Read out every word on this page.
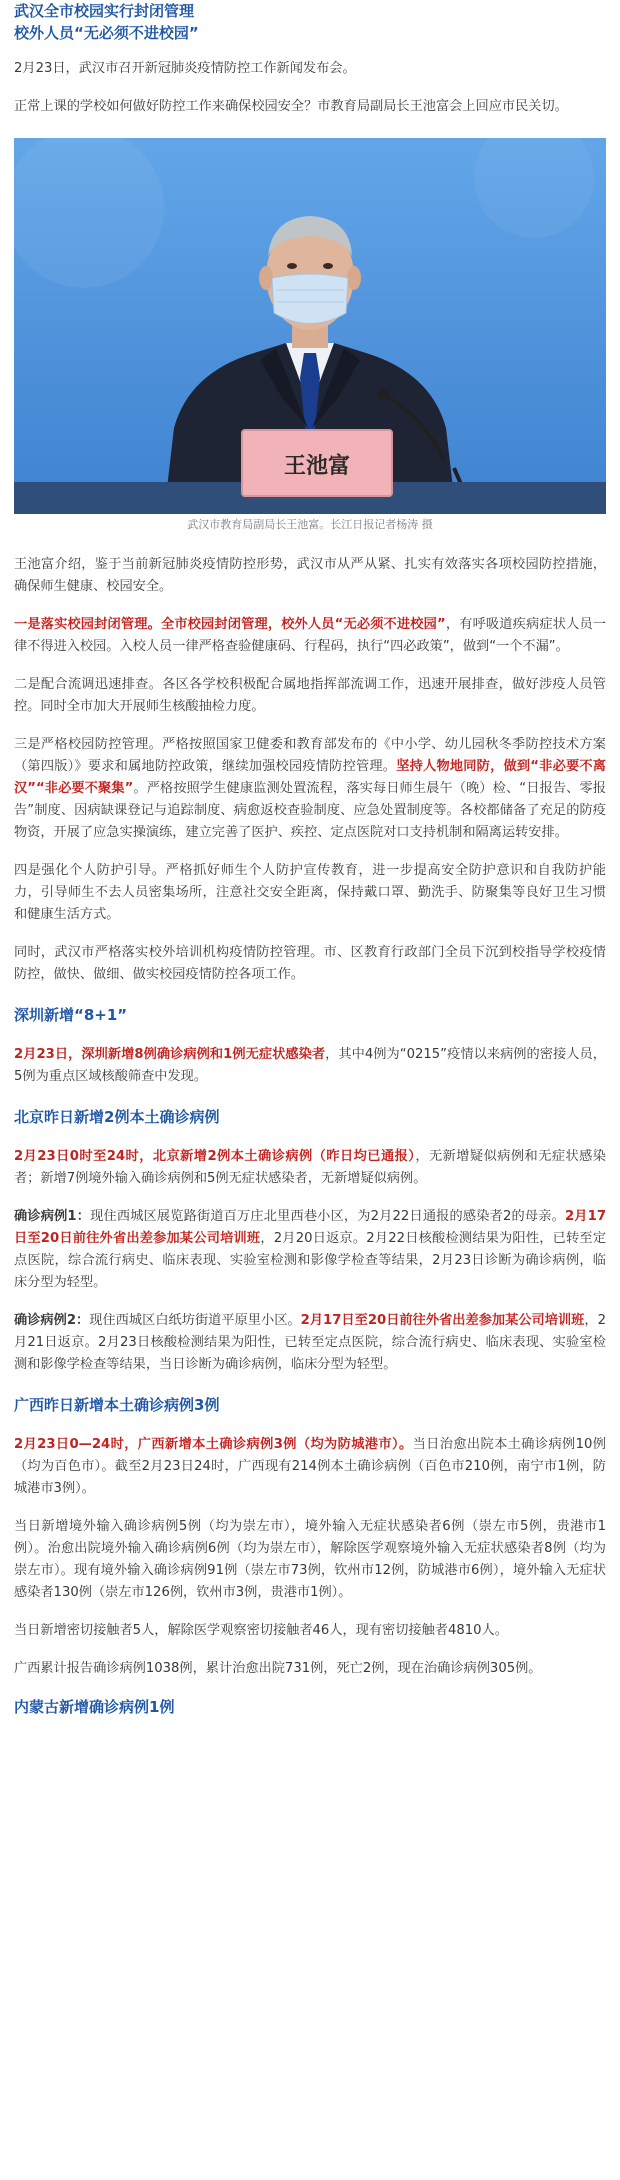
武汉全市校园实行封闭管理
校外人员“无必须不进校园”

2月23日，武汉市召开新冠肺炎疫情防控工作新闻发布会。

正常上课的学校如何做好防控工作来确保校园安全？市教育局副局长王池富会上回应市民关切。

王池富
武汉市教育局副局长王池富。长江日报记者杨涛 摄

王池富介绍，鉴于当前新冠肺炎疫情防控形势，武汉市从严从紧、扎实有效落实各项校园防控措施，确保师生健康、校园安全。

一是落实校园封闭管理。全市校园封闭管理，校外人员“无必须不进校园”，有呼吸道疾病症状人员一律不得进入校园。入校人员一律严格查验健康码、行程码，执行“四必政策”，做到“一个不漏”。

二是配合流调迅速排查。各区各学校积极配合属地指挥部流调工作，迅速开展排查，做好涉疫人员管控。同时全市加大开展师生核酸抽检力度。

三是严格校园防控管理。严格按照国家卫健委和教育部发布的《中小学、幼儿园秋冬季防控技术方案（第四版）》要求和属地防控政策，继续加强校园疫情防控管理。坚持人物地同防，做到“非必要不离汉”“非必要不聚集”。严格按照学生健康监测处置流程，落实每日师生晨午（晚）检、“日报告、零报告”制度、因病缺课登记与追踪制度、病愈返校查验制度、应急处置制度等。各校都储备了充足的防疫物资，开展了应急实操演练，建立完善了医护、疾控、定点医院对口支持机制和隔离运转安排。

四是强化个人防护引导。严格抓好师生个人防护宣传教育，进一步提高安全防护意识和自我防护能力，引导师生不去人员密集场所，注意社交安全距离，保持戴口罩、勤洗手、防聚集等良好卫生习惯和健康生活方式。

同时，武汉市严格落实校外培训机构疫情防控管理。市、区教育行政部门全员下沉到校指导学校疫情防控，做快、做细、做实校园疫情防控各项工作。

深圳新增“8+1”

2月23日，深圳新增8例确诊病例和1例无症状感染者，其中4例为“0215”疫情以来病例的密接人员，5例为重点区域核酸筛查中发现。

北京昨日新增2例本土确诊病例

2月23日0时至24时，北京新增2例本土确诊病例（昨日均已通报），无新增疑似病例和无症状感染者；新增7例境外输入确诊病例和5例无症状感染者，无新增疑似病例。

确诊病例1：现住西城区展览路街道百万庄北里西巷小区，为2月22日通报的感染者2的母亲。2月17日至20日前往外省出差参加某公司培训班，2月20日返京。2月22日核酸检测结果为阳性，已转至定点医院，综合流行病史、临床表现、实验室检测和影像学检查等结果，2月23日诊断为确诊病例，临床分型为轻型。

确诊病例2：现住西城区白纸坊街道平原里小区。2月17日至20日前往外省出差参加某公司培训班，2月21日返京。2月23日核酸检测结果为阳性，已转至定点医院，综合流行病史、临床表现、实验室检测和影像学检查等结果，当日诊断为确诊病例，临床分型为轻型。

广西昨日新增本土确诊病例3例

2月23日0—24时，广西新增本土确诊病例3例（均为防城港市）。当日治愈出院本土确诊病例10例（均为百色市）。截至2月23日24时，广西现有214例本土确诊病例（百色市210例，南宁市1例，防城港市3例）。

当日新增境外输入确诊病例5例（均为崇左市），境外输入无症状感染者6例（崇左市5例，贵港市1例）。治愈出院境外输入确诊病例6例（均为崇左市），解除医学观察境外输入无症状感染者8例（均为崇左市）。现有境外输入确诊病例91例（崇左市73例，钦州市12例，防城港市6例），境外输入无症状感染者130例（崇左市126例，钦州市3例，贵港市1例）。

当日新增密切接触者5人，解除医学观察密切接触者46人，现有密切接触者4810人。

广西累计报告确诊病例1038例，累计治愈出院731例，死亡2例，现在治确诊病例305例。

内蒙古新增确诊病例1例
